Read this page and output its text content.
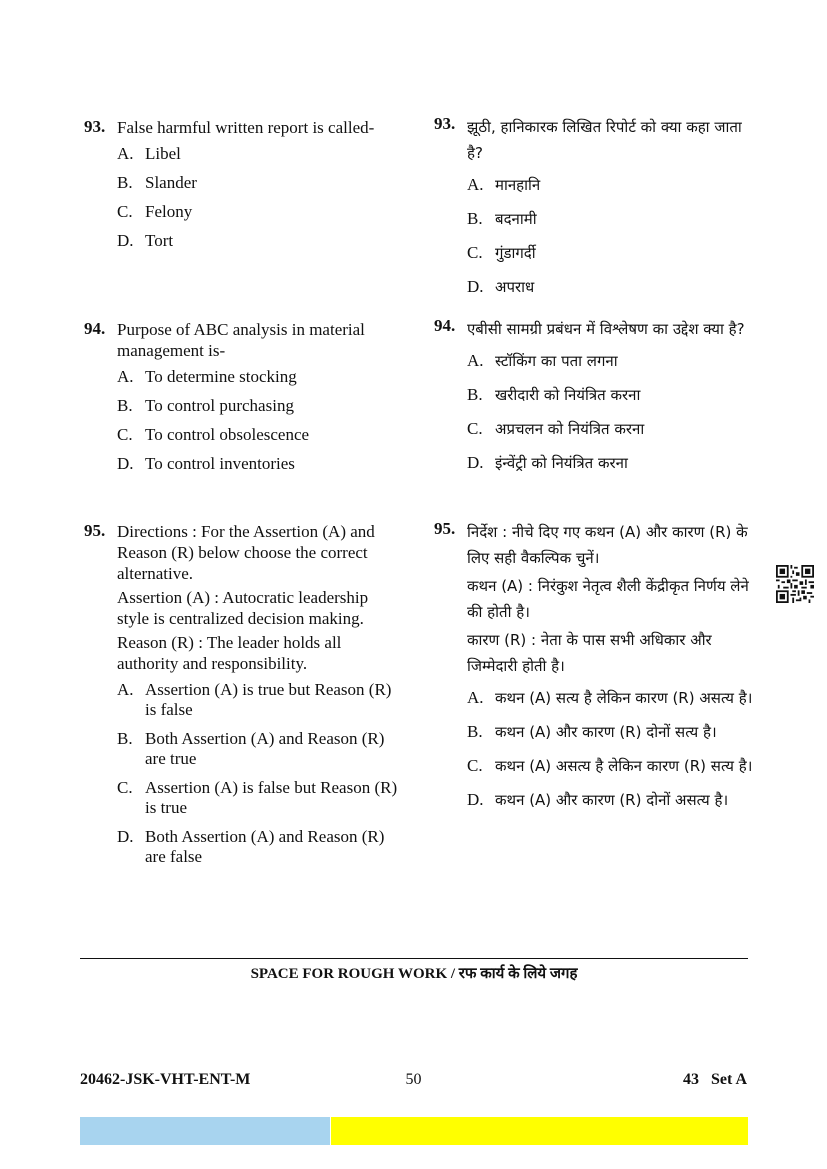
93. False harmful written report is called-

A. Libel
B. Slander
C. Felony
D. Tort
94. Purpose of ABC analysis in material management is-

A. To determine stocking
B. To control purchasing
C. To control obsolescence
D. To control inventories
95. Directions : For the Assertion (A) and Reason (R) below choose the correct alternative.

Assertion (A) : Autocratic leadership style is centralized decision making.

Reason (R) : The leader holds all authority and responsibility.

A. Assertion (A) is true but Reason (R) is false
B. Both Assertion (A) and Reason (R) are true
C. Assertion (A) is false but Reason (R) is true
D. Both Assertion (A) and Reason (R) are false
93. झूठी, हानिकारक लिखित रिपोर्ट को क्या कहा जाता है?

A. मानहानि
B. बदनामी
C. गुंडागर्दी
D. अपराध
94. एबीसी सामग्री प्रबंधन में विश्लेषण का उद्देश क्या है?

A. स्टॉकिंग का पता लगना
B. खरीदारी को नियंत्रित करना
C. अप्रचलन को नियंत्रित करना
D. इंन्वेंट्री को नियंत्रित करना
95. निर्देश : नीचे दिए गए कथन (A) और कारण (R) के लिए सही वैकल्पिक चुनें।

कथन (A) : निरंकुश नेतृत्व शैली केंद्रीकृत निर्णय लेने की होती है।

कारण (R) : नेता के पास सभी अधिकार और जिम्मेदारी होती है।

A. कथन (A) सत्य है लेकिन कारण (R) असत्य है।
B. कथन (A) और कारण (R) दोनों सत्य है।
C. कथन (A) असत्य है लेकिन कारण (R) सत्य है।
D. कथन (A) और कारण (R) दोनों असत्य है।
SPACE FOR ROUGH WORK / रफ कार्य के लिये जगह
20462-JSK-VHT-ENT-M	50	43   Set A
